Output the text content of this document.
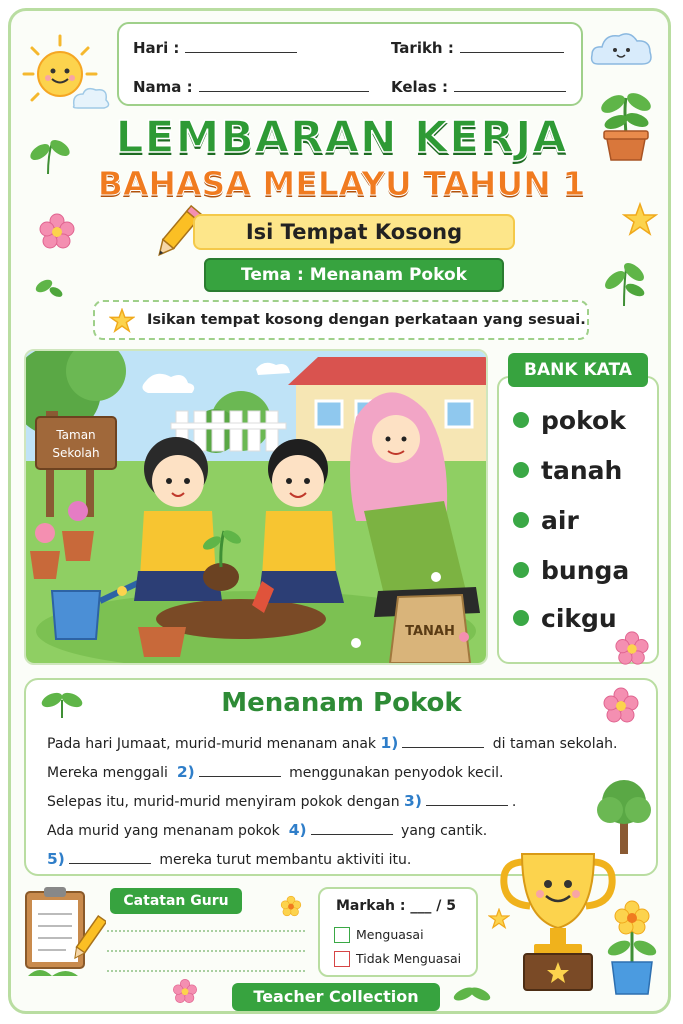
Hari :	Tarikh :
Nama :	Kelas :
LEMBARAN KERJA
BAHASA MELAYU TAHUN 1
Isi Tempat Kosong
Tema : Menanam Pokok
Isikan tempat kosong dengan perkataan yang sesuai.
Taman
Sekolah
TANAH
pokok
tanah
air
bunga
cikgu
BANK KATA
Menanam Pokok
Pada hari Jumaat, murid-murid menanam anak 1)	di taman sekolah.
Mereka menggali 2)	menggunakan penyodok kecil.
Selepas itu, murid-murid menyiram pokok dengan 3)	.
Ada murid yang menanam pokok 4)	yang cantik.
5)	mereka turut membantu aktiviti itu.
Catatan Guru	Markah : ___ / 5
Menguasai
Tidak Menguasai
Teacher Collection
